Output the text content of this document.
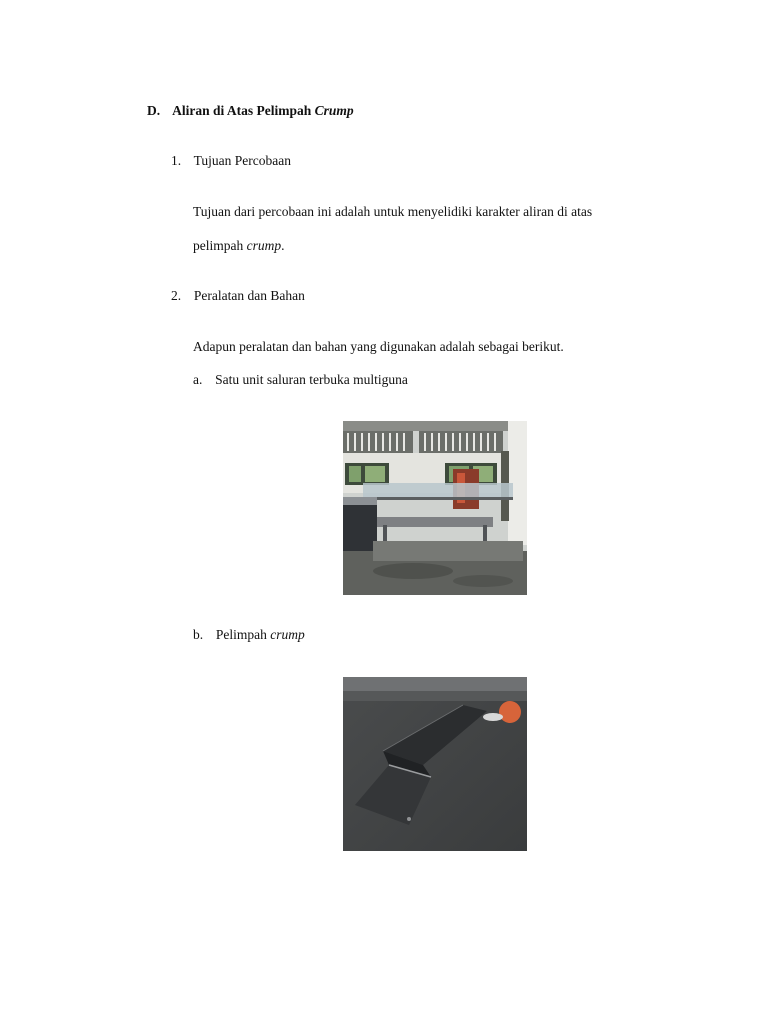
D. Aliran di Atas Pelimpah Crump
1. Tujuan Percobaan
Tujuan dari percobaan ini adalah untuk menyelidiki karakter aliran di atas
pelimpah crump.
2. Peralatan dan Bahan
Adapun peralatan dan bahan yang digunakan adalah sebagai berikut.
a. Satu unit saluran terbuka multiguna
b. Pelimpah crump
